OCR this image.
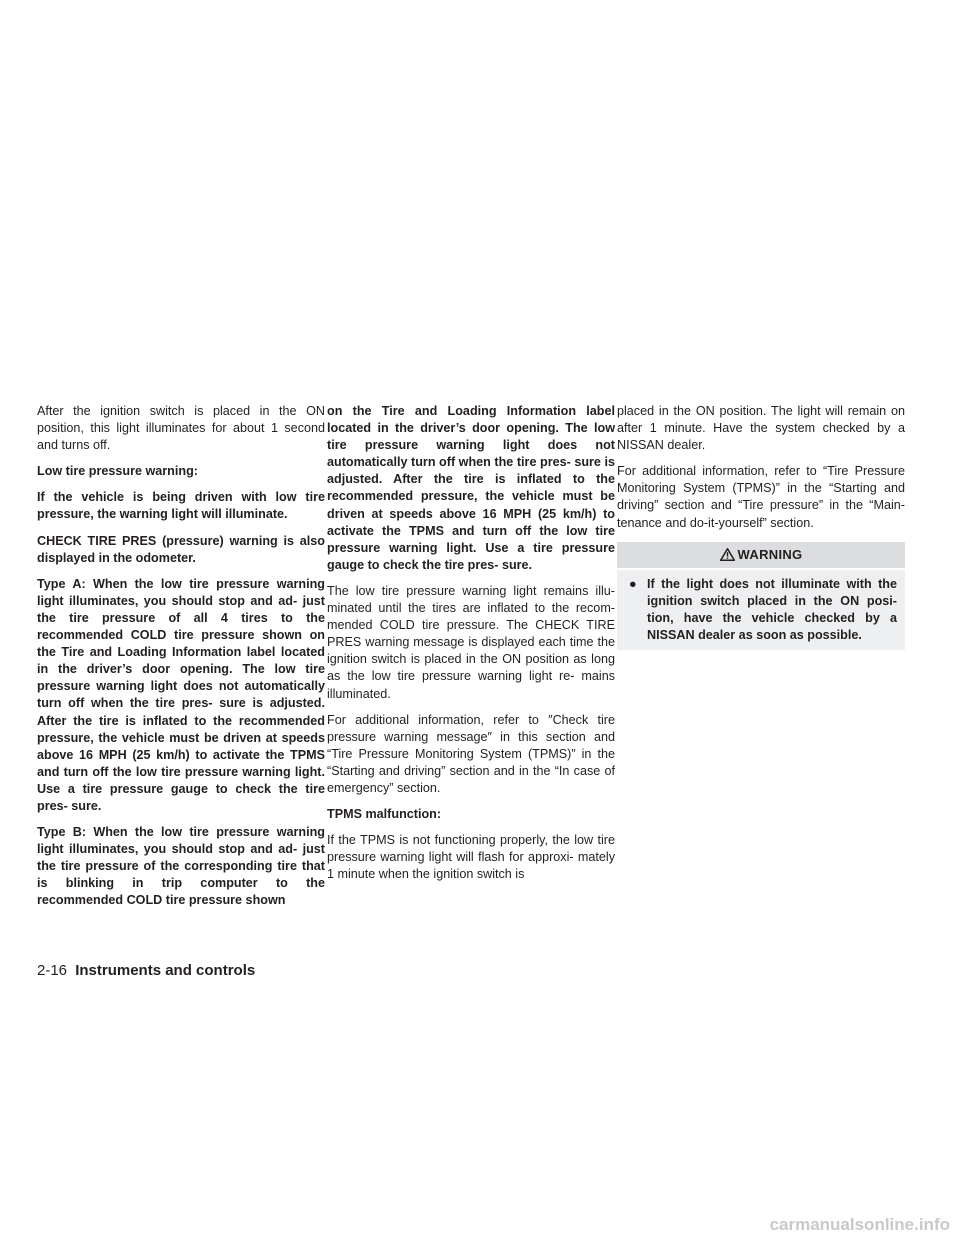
After the ignition switch is placed in the ON position, this light illuminates for about 1 second and turns off.

Low tire pressure warning:

If the vehicle is being driven with low tire pressure, the warning light will illuminate.

CHECK TIRE PRES (pressure) warning is also displayed in the odometer.

Type A: When the low tire pressure warning light illuminates, you should stop and ad- just the tire pressure of all 4 tires to the recommended COLD tire pressure shown on the Tire and Loading Information label located in the driver’s door opening. The low tire pressure warning light does not automatically turn off when the tire pres- sure is adjusted. After the tire is inflated to the recommended pressure, the vehicle must be driven at speeds above 16 MPH (25 km/h) to activate the TPMS and turn off the low tire pressure warning light. Use a tire pressure gauge to check the tire pres- sure.

Type B: When the low tire pressure warning light illuminates, you should stop and ad- just the tire pressure of the corresponding tire that is blinking in trip computer to the recommended COLD tire pressure shown

on the Tire and Loading Information label located in the driver’s door opening. The low tire pressure warning light does not automatically turn off when the tire pres- sure is adjusted. After the tire is inflated to the recommended pressure, the vehicle must be driven at speeds above 16 MPH (25 km/h) to activate the TPMS and turn off the low tire pressure warning light. Use a tire pressure gauge to check the tire pres- sure.

The low tire pressure warning light remains illu- minated until the tires are inflated to the recom- mended COLD tire pressure. The CHECK TIRE PRES warning message is displayed each time the ignition switch is placed in the ON position as long as the low tire pressure warning light re- mains illuminated.

For additional information, refer to ″Check tire pressure warning message″ in this section and “Tire Pressure Monitoring System (TPMS)” in the “Starting and driving” section and in the “In case of emergency” section.

TPMS malfunction:

If the TPMS is not functioning properly, the low tire pressure warning light will flash for approxi- mately 1 minute when the ignition switch is

placed in the ON position. The light will remain on after 1 minute. Have the system checked by a NISSAN dealer.

For additional information, refer to “Tire Pressure Monitoring System (TPMS)” in the “Starting and driving” section and “Tire pressure” in the “Main- tenance and do-it-yourself” section.

WARNING
● If the light does not illuminate with the ignition switch placed in the ON posi- tion, have the vehicle checked by a NISSAN dealer as soon as possible.
2-16 Instruments and controls
carmanualsonline.info
